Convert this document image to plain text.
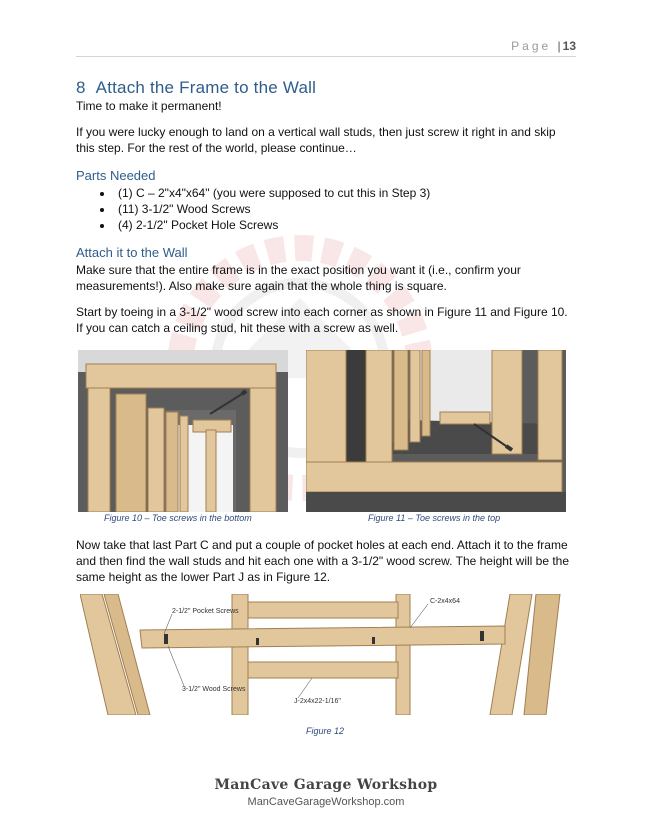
Page | 13
8 Attach the Frame to the Wall

Time to make it permanent!

If you were lucky enough to land on a vertical wall studs, then just screw it right in and skip this step. For the rest of the world, please continue…

Parts Needed
• (1) C – 2"x4"x64" (you were supposed to cut this in Step 3)
• (11) 3-1/2" Wood Screws
• (4) 2-1/2" Pocket Hole Screws
Attach it to the Wall

Make sure that the entire frame is in the exact position you want it (i.e., confirm your measurements!). Also make sure again that the whole thing is square.

Start by toeing in a 3-1/2" wood screw into each corner as shown in Figure 11 and Figure 10. If you can catch a ceiling stud, hit these with a screw as well.

Figure 10 – Toe screws in the bottom	Figure 11 – Toe screws in the top

Now take that last Part C and put a couple of pocket holes at each end. Attach it to the frame and then find the wall studs and hit each one with a 3-1/2" wood screw. The height will be the same height as the lower Part J as in Figure 12.

2-1/2" Pocket Screws
3-1/2" Wood Screws
C-2x4x64
J-2x4x22-1/16"
Figure 12
ManCave Garage Workshop
ManCaveGarageWorkshop.com
